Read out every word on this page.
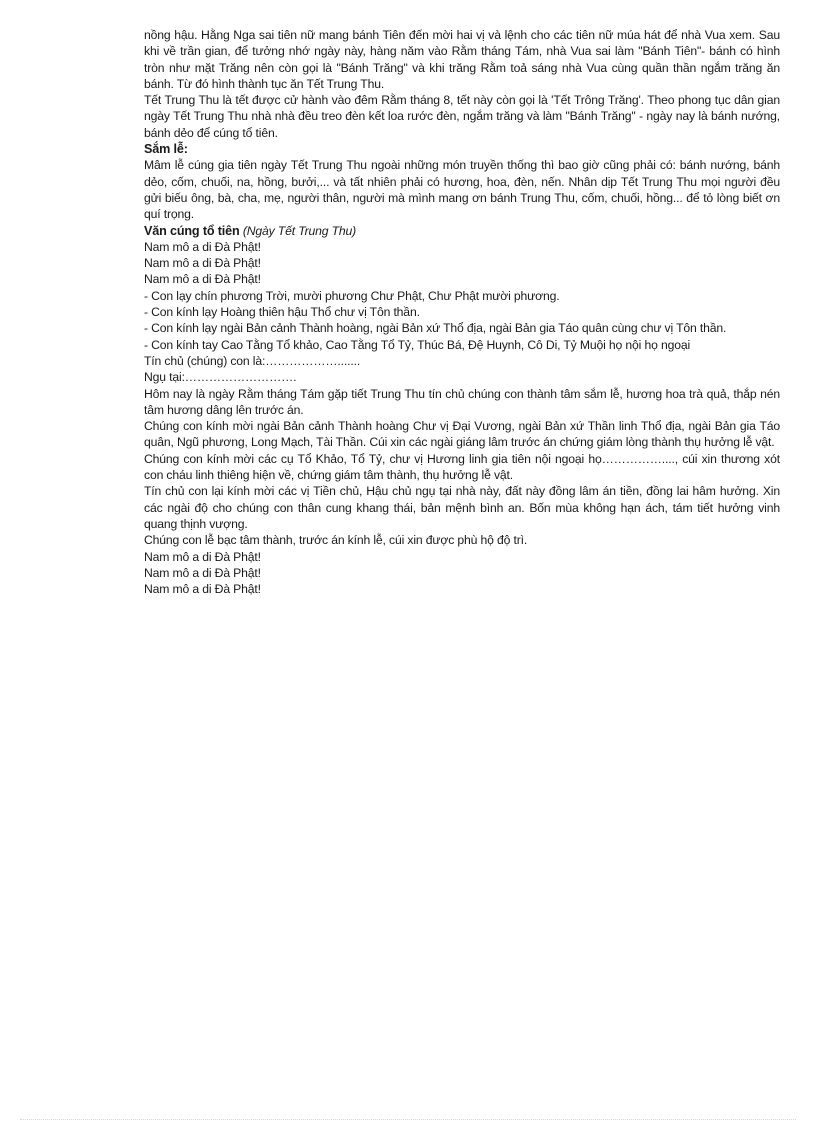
nồng hậu. Hằng Nga sai tiên nữ mang bánh Tiên đến mời hai vị và lệnh cho các tiên nữ múa hát để nhà Vua xem. Sau khi về trần gian, để tưởng nhớ ngày này, hàng năm vào Rằm tháng Tám, nhà Vua sai làm "Bánh Tiên"- bánh có hình tròn như mặt Trăng nên còn gọi là "Bánh Trăng" và khi trăng Rằm toả sáng nhà Vua cùng quần thần ngắm trăng ăn bánh. Từ đó hình thành tục ăn Tết Trung Thu.

Tết Trung Thu là tết được cử hành vào đêm Rằm tháng 8, tết này còn gọi là 'Tết Trông Trăng'. Theo phong tục dân gian ngày Tết Trung Thu nhà nhà đều treo đèn kết loa rước đèn, ngắm trăng và làm "Bánh Trăng" - ngày nay là bánh nướng, bánh dẻo để cúng tổ tiên.

Sắm lễ:

Mâm lễ cúng gia tiên ngày Tết Trung Thu ngoài những món truyền thống thì bao giờ cũng phải có: bánh nướng, bánh dẻo, cốm, chuối, na, hồng, bưởi,... và tất nhiên phải có hương, hoa, đèn, nến. Nhân dịp Tết Trung Thu mọi người đều gửi biếu ông, bà, cha, mẹ, người thân, người mà mình mang ơn bánh Trung Thu, cốm, chuối, hồng... để tỏ lòng biết ơn quí trọng.

Văn cúng tổ tiên (Ngày Tết Trung Thu)

Nam mô a di Đà Phật!

Nam mô a di Đà Phật!

Nam mô a di Đà Phật!

- Con lạy chín phương Trời, mười phương Chư Phật, Chư Phật mười phương.

- Con kính lạy Hoàng thiên hậu Thổ chư vị Tôn thần.

- Con kính lạy ngài Bản cảnh Thành hoàng, ngài Bản xứ Thổ địa, ngài Bản gia Táo quân cùng chư vị Tôn thần.

- Con kính tay Cao Tằng Tổ khảo, Cao Tằng Tổ Tỷ, Thúc Bá, Đệ Huynh, Cô Di, Tỷ Muội họ nội họ ngoại

Tín chủ (chúng) con là:……………….......

Ngụ tại:……………………….

Hôm nay là ngày Rằm tháng Tám gặp tiết Trung Thu tín chủ chúng con thành tâm sắm lễ, hương hoa trà quả, thắp nén tâm hương dâng lên trước án.

Chúng con kính mời ngài Bản cảnh Thành hoàng Chư vị Đại Vương, ngài Bản xứ Thần linh Thổ địa, ngài Bản gia Táo quân, Ngũ phương, Long Mạch, Tài Thần. Cúi xin các ngài giáng lâm trước án chứng giám lòng thành thụ hưởng lễ vật.

Chúng con kính mời các cụ Tổ Khảo, Tổ Tỷ, chư vị Hương linh gia tiên nội ngoại họ……………...., cúi xin thương xót con cháu linh thiêng hiện về, chứng giám tâm thành, thụ hưởng lễ vật.

Tín chủ con lại kính mời các vị Tiền chủ, Hậu chủ ngụ tại nhà này, đất này đồng lâm án tiền, đồng lai hâm hưởng. Xin các ngài độ cho chúng con thân cung khang thái, bản mệnh bình an. Bốn mùa không hạn ách, tám tiết hưởng vinh quang thịnh vượng.

Chúng con lễ bạc tâm thành, trước án kính lễ, cúi xin được phù hộ độ trì.

Nam mô a di Đà Phật!

Nam mô a di Đà Phật!

Nam mô a di Đà Phật!
